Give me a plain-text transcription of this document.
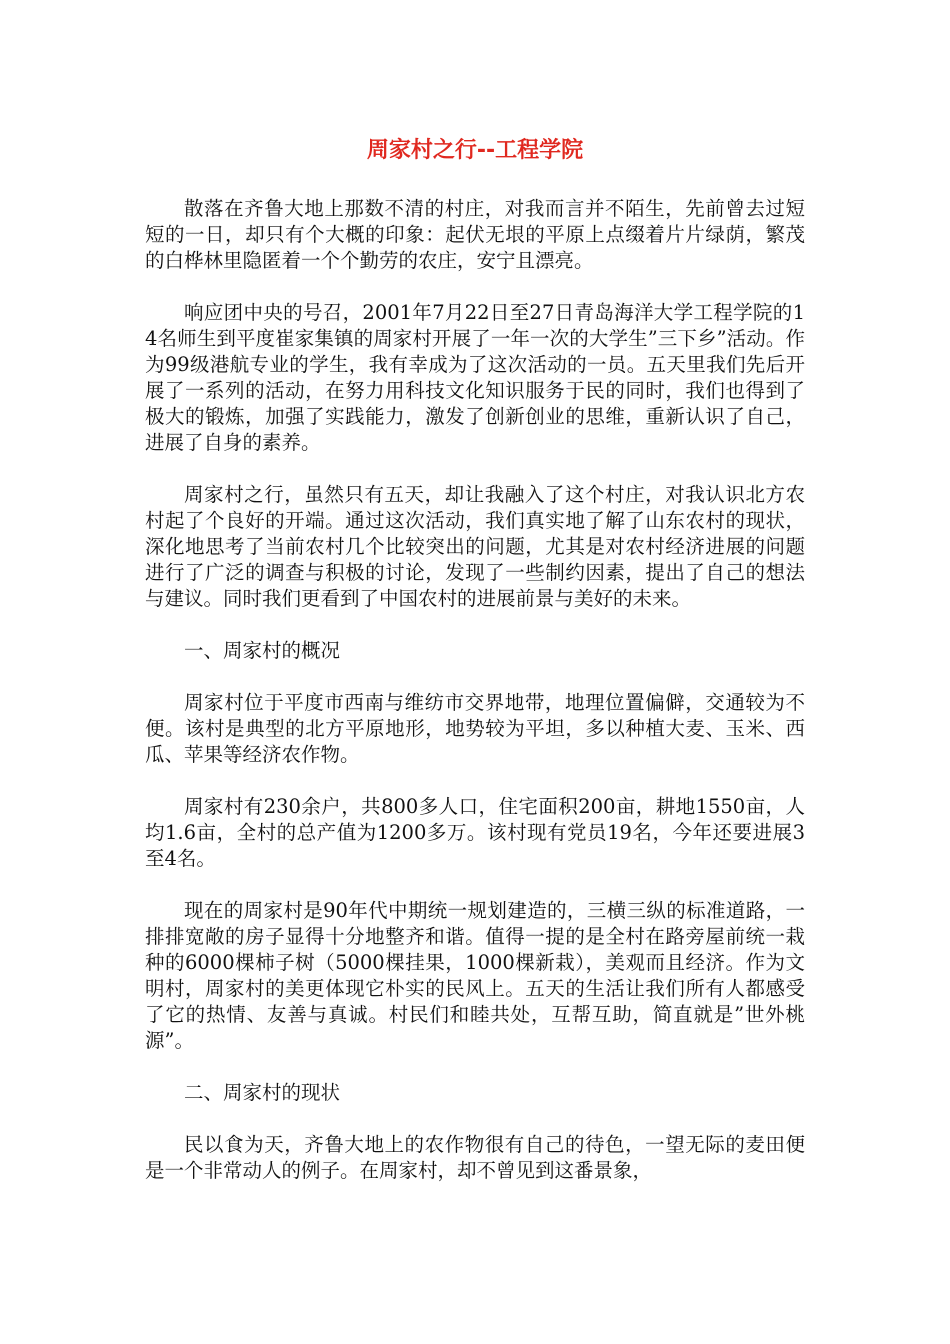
周家村之行--工程学院

散落在齐鲁大地上那数不清的村庄，对我而言并不陌生，先前曾去过短短的一日，却只有个大概的印象：起伏无垠的平原上点缀着片片绿荫，繁茂的白桦林里隐匿着一个个勤劳的农庄，安宁且漂亮。

响应团中央的号召，2001年7月22日至27日青岛海洋大学工程学院的14名师生到平度崔家集镇的周家村开展了一年一次的大学生”三下乡”活动。作为99级港航专业的学生，我有幸成为了这次活动的一员。五天里我们先后开展了一系列的活动，在努力用科技文化知识服务于民的同时，我们也得到了极大的锻炼，加强了实践能力，激发了创新创业的思维，重新认识了自己，进展了自身的素养。

周家村之行，虽然只有五天，却让我融入了这个村庄，对我认识北方农村起了个良好的开端。通过这次活动，我们真实地了解了山东农村的现状，深化地思考了当前农村几个比较突出的问题，尤其是对农村经济进展的问题进行了广泛的调查与积极的讨论，发现了一些制约因素，提出了自己的想法与建议。同时我们更看到了中国农村的进展前景与美好的未来。

一、周家村的概况

周家村位于平度市西南与维纺市交界地带，地理位置偏僻，交通较为不便。该村是典型的北方平原地形，地势较为平坦，多以种植大麦、玉米、西瓜、苹果等经济农作物。

周家村有230余户，共800多人口，住宅面积200亩，耕地1550亩，人均1.6亩，全村的总产值为1200多万。该村现有党员19名，今年还要进展3至4名。

现在的周家村是90年代中期统一规划建造的，三横三纵的标准道路，一排排宽敞的房子显得十分地整齐和谐。值得一提的是全村在路旁屋前统一栽种的6000棵柿子树（5000棵挂果，1000棵新栽），美观而且经济。作为文明村，周家村的美更体现它朴实的民风上。五天的生活让我们所有人都感受了它的热情、友善与真诚。村民们和睦共处，互帮互助，简直就是”世外桃源”。

二、周家村的现状

民以食为天，齐鲁大地上的农作物很有自己的待色，一望无际的麦田便是一个非常动人的例子。在周家村，却不曾见到这番景象，
